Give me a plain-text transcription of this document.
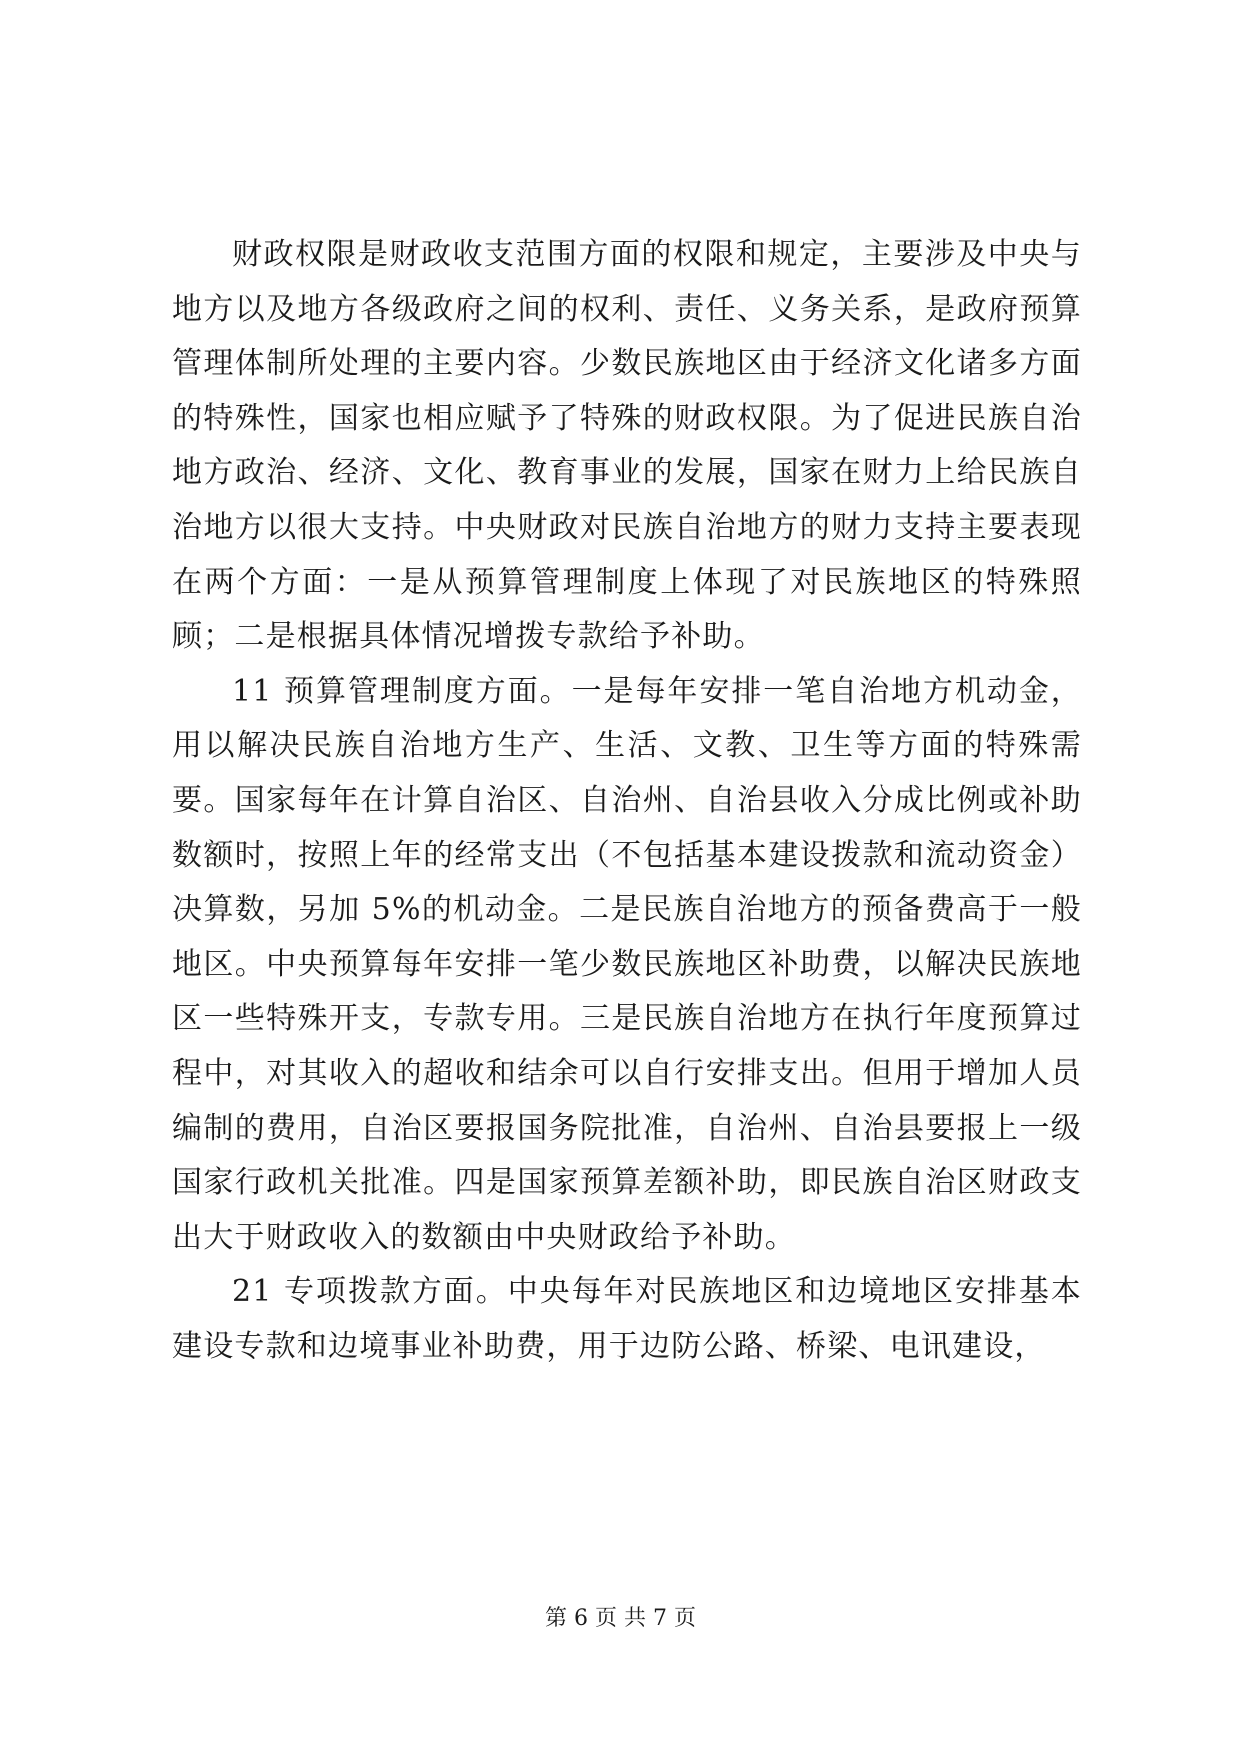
财政权限是财政收支范围方面的权限和规定，主要涉及中央与地方以及地方各级政府之间的权利、责任、义务关系，是政府预算管理体制所处理的主要内容。少数民族地区由于经济文化诸多方面的特殊性，国家也相应赋予了特殊的财政权限。为了促进民族自治地方政治、经济、文化、教育事业的发展，国家在财力上给民族自治地方以很大支持。中央财政对民族自治地方的财力支持主要表现在两个方面：一是从预算管理制度上体现了对民族地区的特殊照顾；二是根据具体情况增拨专款给予补助。

11 预算管理制度方面。一是每年安排一笔自治地方机动金，用以解决民族自治地方生产、生活、文教、卫生等方面的特殊需要。国家每年在计算自治区、自治州、自治县收入分成比例或补助数额时，按照上年的经常支出（不包括基本建设拨款和流动资金）决算数，另加 5%的机动金。二是民族自治地方的预备费高于一般地区。中央预算每年安排一笔少数民族地区补助费，以解决民族地区一些特殊开支，专款专用。三是民族自治地方在执行年度预算过程中，对其收入的超收和结余可以自行安排支出。但用于增加人员编制的费用，自治区要报国务院批准，自治州、自治县要报上一级国家行政机关批准。四是国家预算差额补助，即民族自治区财政支出大于财政收入的数额由中央财政给予补助。

21 专项拨款方面。中央每年对民族地区和边境地区安排基本建设专款和边境事业补助费，用于边防公路、桥梁、电讯建设，

第 6 页 共 7 页
